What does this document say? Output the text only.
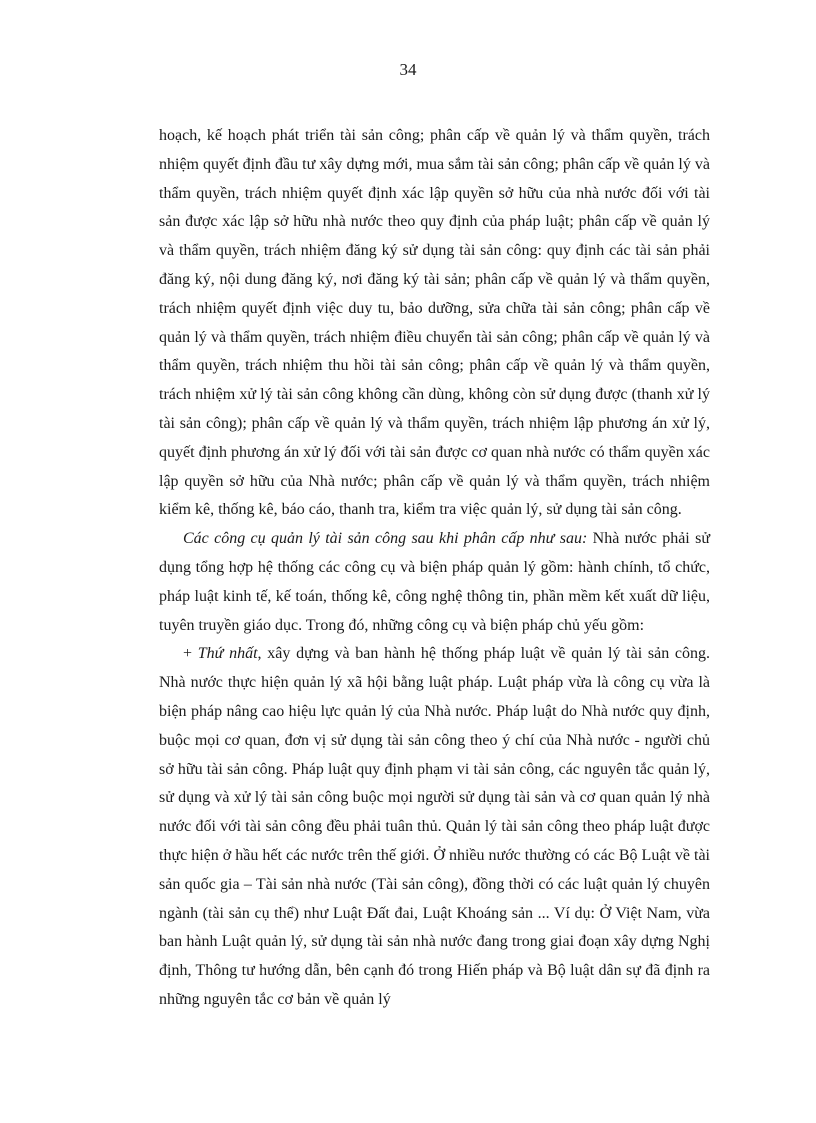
34

hoạch, kế hoạch phát triển tài sản công; phân cấp về quản lý và thẩm quyền, trách nhiệm quyết định đầu tư xây dựng mới, mua sắm tài sản công; phân cấp về quản lý và thẩm quyền, trách nhiệm quyết định xác lập quyền sở hữu của nhà nước đối với tài sản được xác lập sở hữu nhà nước theo quy định của pháp luật; phân cấp về quản lý và thẩm quyền, trách nhiệm đăng ký sử dụng tài sản công: quy định các tài sản phải đăng ký, nội dung đăng ký, nơi đăng ký tài sản; phân cấp về quản lý và thẩm quyền, trách nhiệm quyết định việc duy tu, bảo dưỡng, sửa chữa tài sản công; phân cấp về quản lý và thẩm quyền, trách nhiệm điều chuyển tài sản công; phân cấp về quản lý và thẩm quyền, trách nhiệm thu hồi tài sản công; phân cấp về quản lý và thẩm quyền, trách nhiệm xử lý tài sản công không cần dùng, không còn sử dụng được (thanh xử lý tài sản công); phân cấp về quản lý và thẩm quyền, trách nhiệm lập phương án xử lý, quyết định phương án xử lý đối với tài sản được cơ quan nhà nước có thẩm quyền xác lập quyền sở hữu của Nhà nước; phân cấp về quản lý và thẩm quyền, trách nhiệm kiểm kê, thống kê, báo cáo, thanh tra, kiểm tra việc quản lý, sử dụng tài sản công.

Các công cụ quản lý tài sản công sau khi phân cấp như sau: Nhà nước phải sử dụng tổng hợp hệ thống các công cụ và biện pháp quản lý gồm: hành chính, tổ chức, pháp luật kinh tế, kế toán, thống kê, công nghệ thông tin, phần mềm kết xuất dữ liệu, tuyên truyền giáo dục. Trong đó, những công cụ và biện pháp chủ yếu gồm:

+ Thứ nhất, xây dựng và ban hành hệ thống pháp luật về quản lý tài sản công. Nhà nước thực hiện quản lý xã hội bằng luật pháp. Luật pháp vừa là công cụ vừa là biện pháp nâng cao hiệu lực quản lý của Nhà nước. Pháp luật do Nhà nước quy định, buộc mọi cơ quan, đơn vị sử dụng tài sản công theo ý chí của Nhà nước - người chủ sở hữu tài sản công. Pháp luật quy định phạm vi tài sản công, các nguyên tắc quản lý, sử dụng và xử lý tài sản công buộc mọi người sử dụng tài sản và cơ quan quản lý nhà nước đối với tài sản công đều phải tuân thủ. Quản lý tài sản công theo pháp luật được thực hiện ở hầu hết các nước trên thế giới. Ở nhiều nước thường có các Bộ Luật về tài sản quốc gia – Tài sản nhà nước (Tài sản công), đồng thời có các luật quản lý chuyên ngành (tài sản cụ thể) như Luật Đất đai, Luật Khoáng sản ... Ví dụ: Ở Việt Nam, vừa ban hành Luật quản lý, sử dụng tài sản nhà nước đang trong giai đoạn xây dựng Nghị định, Thông tư hướng dẫn, bên cạnh đó trong Hiến pháp và Bộ luật dân sự đã định ra những nguyên tắc cơ bản về quản lý
